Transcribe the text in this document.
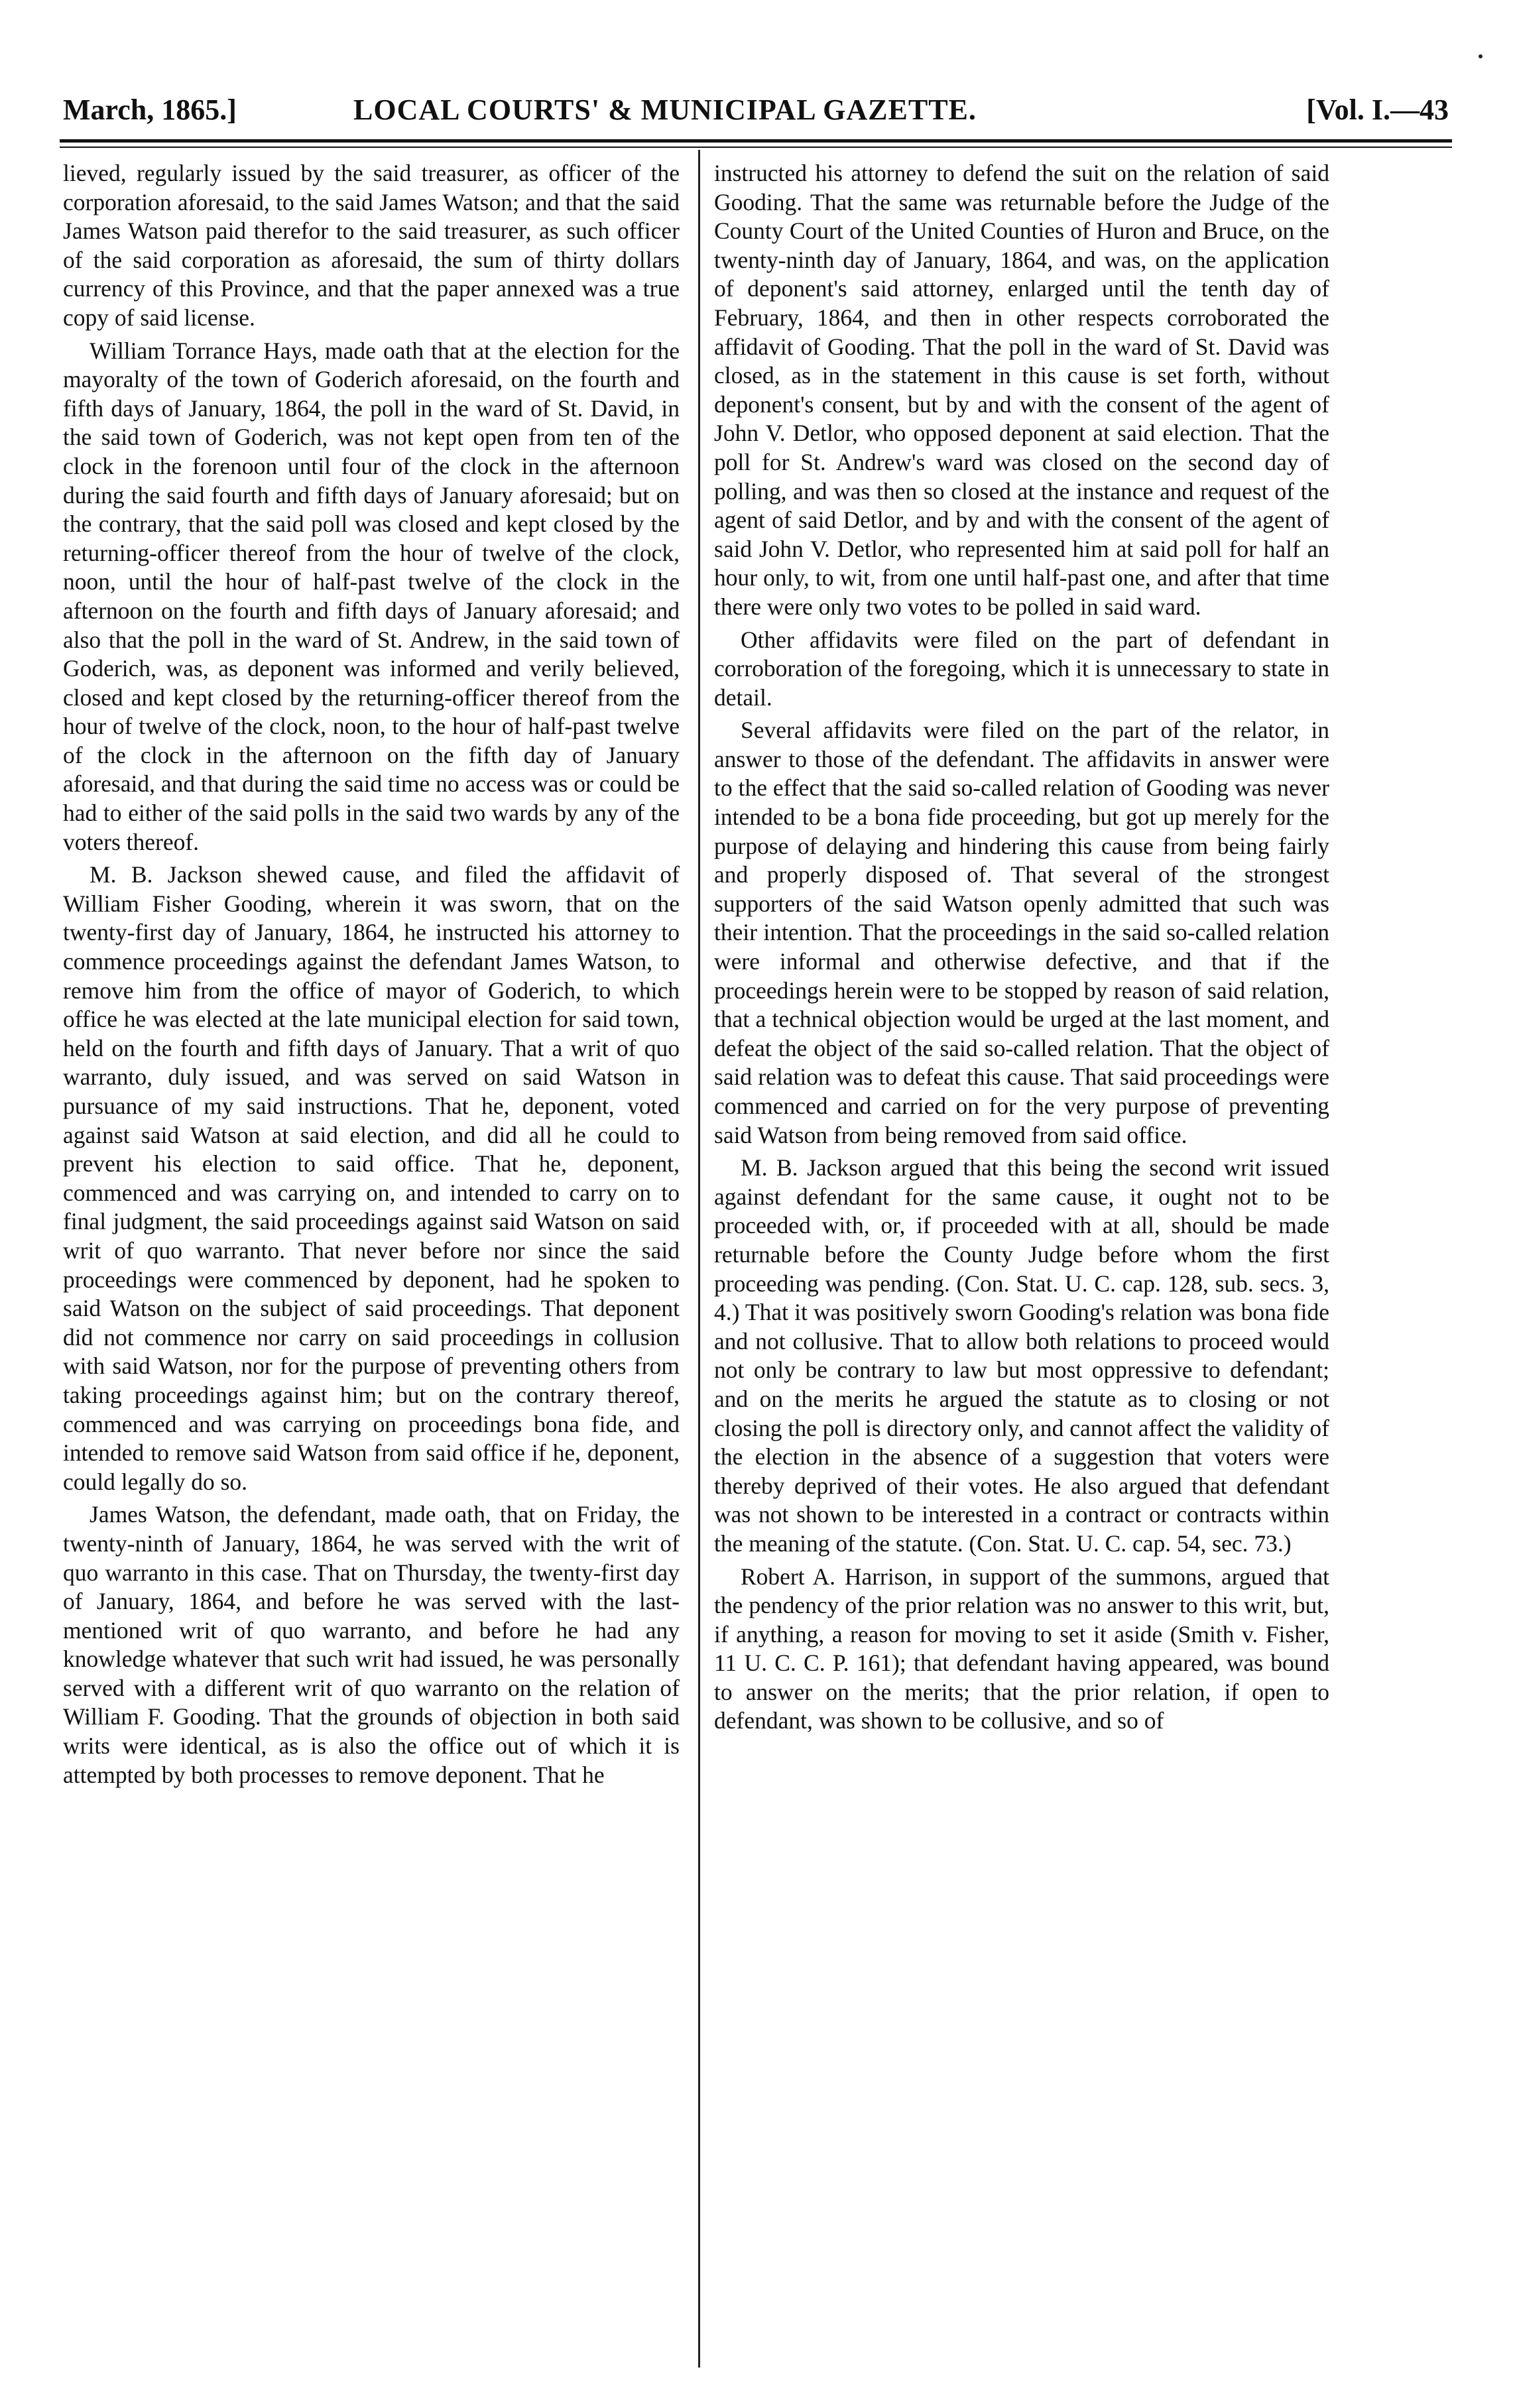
March, 1865.]	LOCAL COURTS' & MUNICIPAL GAZETTE.	[Vol. I.—43

lieved, regularly issued by the said treasurer, as officer of the corporation aforesaid, to the said James Watson; and that the said James Watson paid therefor to the said treasurer, as such officer of the said corporation as aforesaid, the sum of thirty dollars currency of this Province, and that the paper annexed was a true copy of said license.

William Torrance Hays, made oath that at the election for the mayoralty of the town of Goderich aforesaid, on the fourth and fifth days of January, 1864, the poll in the ward of St. David, in the said town of Goderich, was not kept open from ten of the clock in the forenoon until four of the clock in the afternoon during the said fourth and fifth days of January aforesaid; but on the contrary, that the said poll was closed and kept closed by the returning-officer thereof from the hour of twelve of the clock, noon, until the hour of half-past twelve of the clock in the afternoon on the fourth and fifth days of January aforesaid; and also that the poll in the ward of St. Andrew, in the said town of Goderich, was, as deponent was informed and verily believed, closed and kept closed by the returning-officer thereof from the hour of twelve of the clock, noon, to the hour of half-past twelve of the clock in the afternoon on the fifth day of January aforesaid, and that during the said time no access was or could be had to either of the said polls in the said two wards by any of the voters thereof.

M. B. Jackson shewed cause, and filed the affidavit of William Fisher Gooding, wherein it was sworn, that on the twenty-first day of January, 1864, he instructed his attorney to commence proceedings against the defendant James Watson, to remove him from the office of mayor of Goderich, to which office he was elected at the late municipal election for said town, held on the fourth and fifth days of January. That a writ of quo warranto, duly issued, and was served on said Watson in pursuance of my said instructions. That he, deponent, voted against said Watson at said election, and did all he could to prevent his election to said office. That he, deponent, commenced and was carrying on, and intended to carry on to final judgment, the said proceedings against said Watson on said writ of quo warranto. That never before nor since the said proceedings were commenced by deponent, had he spoken to said Watson on the subject of said proceedings. That deponent did not commence nor carry on said proceedings in collusion with said Watson, nor for the purpose of preventing others from taking proceedings against him; but on the contrary thereof, commenced and was carrying on proceedings bona fide, and intended to remove said Watson from said office if he, deponent, could legally do so.

James Watson, the defendant, made oath, that on Friday, the twenty-ninth of January, 1864, he was served with the writ of quo warranto in this case. That on Thursday, the twenty-first day of January, 1864, and before he was served with the last-mentioned writ of quo warranto, and before he had any knowledge whatever that such writ had issued, he was personally served with a different writ of quo warranto on the relation of William F. Gooding. That the grounds of objection in both said writs were identical, as is also the office out of which it is attempted by both processes to remove deponent. That he

instructed his attorney to defend the suit on the relation of said Gooding. That the same was returnable before the Judge of the County Court of the United Counties of Huron and Bruce, on the twenty-ninth day of January, 1864, and was, on the application of deponent's said attorney, enlarged until the tenth day of February, 1864, and then in other respects corroborated the affidavit of Gooding. That the poll in the ward of St. David was closed, as in the statement in this cause is set forth, without deponent's consent, but by and with the consent of the agent of John V. Detlor, who opposed deponent at said election. That the poll for St. Andrew's ward was closed on the second day of polling, and was then so closed at the instance and request of the agent of said Detlor, and by and with the consent of the agent of said John V. Detlor, who represented him at said poll for half an hour only, to wit, from one until half-past one, and after that time there were only two votes to be polled in said ward.

Other affidavits were filed on the part of defendant in corroboration of the foregoing, which it is unnecessary to state in detail.

Several affidavits were filed on the part of the relator, in answer to those of the defendant. The affidavits in answer were to the effect that the said so-called relation of Gooding was never intended to be a bona fide proceeding, but got up merely for the purpose of delaying and hindering this cause from being fairly and properly disposed of. That several of the strongest supporters of the said Watson openly admitted that such was their intention. That the proceedings in the said so-called relation were informal and otherwise defective, and that if the proceedings herein were to be stopped by reason of said relation, that a technical objection would be urged at the last moment, and defeat the object of the said so-called relation. That the object of said relation was to defeat this cause. That said proceedings were commenced and carried on for the very purpose of preventing said Watson from being removed from said office.

M. B. Jackson argued that this being the second writ issued against defendant for the same cause, it ought not to be proceeded with, or, if proceeded with at all, should be made returnable before the County Judge before whom the first proceeding was pending. (Con. Stat. U. C. cap. 128, sub. secs. 3, 4.) That it was positively sworn Gooding's relation was bona fide and not collusive. That to allow both relations to proceed would not only be contrary to law but most oppressive to defendant; and on the merits he argued the statute as to closing or not closing the poll is directory only, and cannot affect the validity of the election in the absence of a suggestion that voters were thereby deprived of their votes. He also argued that defendant was not shown to be interested in a contract or contracts within the meaning of the statute. (Con. Stat. U. C. cap. 54, sec. 73.)

Robert A. Harrison, in support of the summons, argued that the pendency of the prior relation was no answer to this writ, but, if anything, a reason for moving to set it aside (Smith v. Fisher, 11 U. C. C. P. 161); that defendant having appeared, was bound to answer on the merits; that the prior relation, if open to defendant, was shown to be collusive, and so of
